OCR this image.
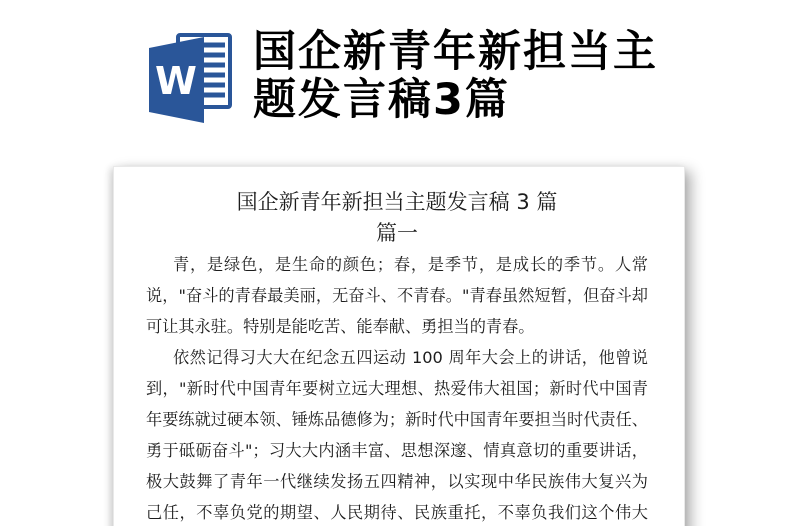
W
国企新青年新担当主
题发言稿3篇
国企新青年新担当主题发言稿 3 篇
篇一
青，是绿色，是生命的颜色；春，是季节，是成长的季节。人常
说，"奋斗的青春最美丽，无奋斗、不青春。"青春虽然短暂，但奋斗却
可让其永驻。特别是能吃苦、能奉献、勇担当的青春。
依然记得习大大在纪念五四运动 100 周年大会上的讲话，他曾说
到，"新时代中国青年要树立远大理想、热爱伟大祖国；新时代中国青
年要练就过硬本领、锤炼品德修为；新时代中国青年要担当时代责任、
勇于砥砺奋斗"；习大大内涵丰富、思想深邃、情真意切的重要讲话，
极大鼓舞了青年一代继续发扬五四精神，以实现中华民族伟大复兴为
己任，不辜负党的期望、人民期待、民族重托，不辜负我们这个伟大
